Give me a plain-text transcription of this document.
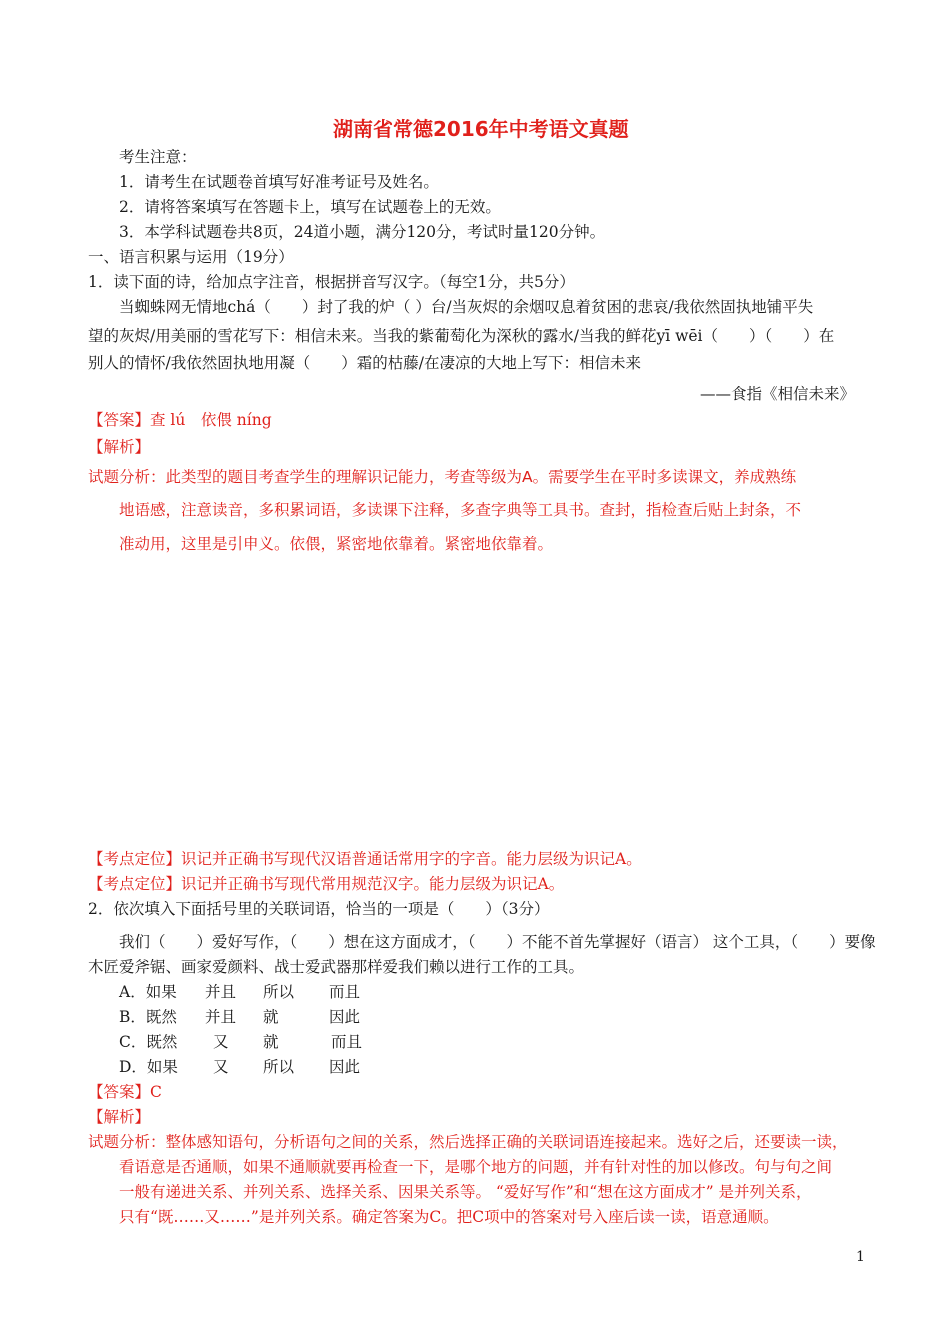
湖南省常德2016年中考语文真题
考生注意：
1．请考生在试题卷首填写好准考证号及姓名。
2．请将答案填写在答题卡上，填写在试题卷上的无效。
3．本学科试题卷共8页，24道小题，满分120分，考试时量120分钟。
一、语言积累与运用（19分）
1．读下面的诗，给加点字注音，根据拼音写汉字。（每空1分，共5分）
当蜘蛛网无情地chá（　　）封了我的炉（ ）台/当灰烬的余烟叹息着贫困的悲哀/我依然固执地铺平失
望的灰烬/用美丽的雪花写下：相信未来。当我的紫葡萄化为深秋的露水/当我的鲜花yī wēi（　　）（　　）在
别人的情怀/我依然固执地用凝（　　）霜的枯藤/在凄凉的大地上写下：相信未来
——食指《相信未来》
【答案】查 lú　依偎 níng
【解析】
试题分析：此类型的题目考查学生的理解识记能力，考查等级为A。需要学生在平时多读课文，养成熟练
地语感，注意读音，多积累词语，多读课下注释，多查字典等工具书。查封，指检查后贴上封条，不
准动用，这里是引申义。依偎，紧密地依靠着。紧密地依靠着。
【考点定位】识记并正确书写现代汉语普通话常用字的字音。能力层级为识记A。
【考点定位】识记并正确书写现代常用规范汉字。能力层级为识记A。
2．依次填入下面括号里的关联词语，恰当的一项是（　　）（3分）
我们（　　）爱好写作，（　　）想在这方面成才，（　　）不能不首先掌握好（语言） 这个工具，（　　）要像
木匠爱斧锯、画家爱颜料、战士爱武器那样爱我们赖以进行工作的工具。
A．如果 并且 所以 而且
B．既然 并且 就	因此
C．既然 又 就	而且
D．如果 又 所以 因此
【答案】C
【解析】
试题分析：整体感知语句，分析语句之间的关系，然后选择正确的关联词语连接起来。选好之后，还要读一读，
看语意是否通顺，如果不通顺就要再检查一下，是哪个地方的问题，并有针对性的加以修改。句与句之间
一般有递进关系、并列关系、选择关系、因果关系等。 “爱好写作”和“想在这方面成才” 是并列关系，
只有“既……又……”是并列关系。确定答案为C。把C项中的答案对号入座后读一读，语意通顺。
1
